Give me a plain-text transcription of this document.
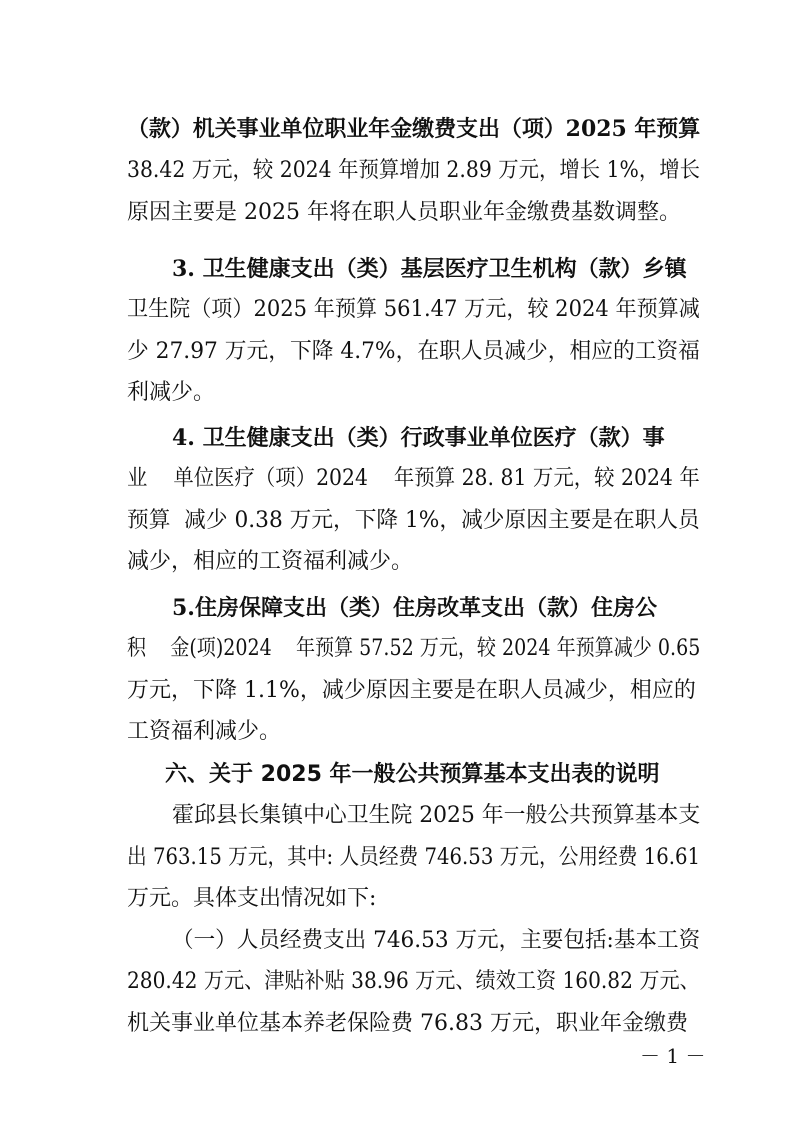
（款）机关事业单位职业年金缴费支出（项）2025 年预算
38.42 万元，较 2024 年预算增加 2.89 万元，增长 1%，增长
原因主要是 2025 年将在职人员职业年金缴费基数调整。
3. 卫生健康支出（类）基层医疗卫生机构（款）乡镇
卫生院（项）2025 年预算 561.47 万元，较 2024 年预算减
少 27.97 万元，下降 4.7%，在职人员减少，相应的工资福
利减少。
4. 卫生健康支出（类）行政事业单位医疗（款）事
业    单位医疗（项）2024    年预算 28. 81 万元，较 2024 年
预算  减少 0.38 万元，下降 1%，减少原因主要是在职人员
减少，相应的工资福利减少。
5.住房保障支出（类）住房改革支出（款）住房公
积    金(项)2024    年预算 57.52 万元，较 2024 年预算减少 0.65
万元，下降 1.1%，减少原因主要是在职人员减少，相应的
工资福利减少。
六、关于 2025 年一般公共预算基本支出表的说明
霍邱县长集镇中心卫生院 2025 年一般公共预算基本支
出 763.15 万元，其中: 人员经费 746.53 万元，公用经费 16.61
万元。具体支出情况如下:
（一）人员经费支出 746.53 万元，主要包括:基本工资
280.42 万元、津贴补贴 38.96 万元、绩效工资 160.82 万元、
机关事业单位基本养老保险费 76.83 万元，职业年金缴费
－ 1 －
